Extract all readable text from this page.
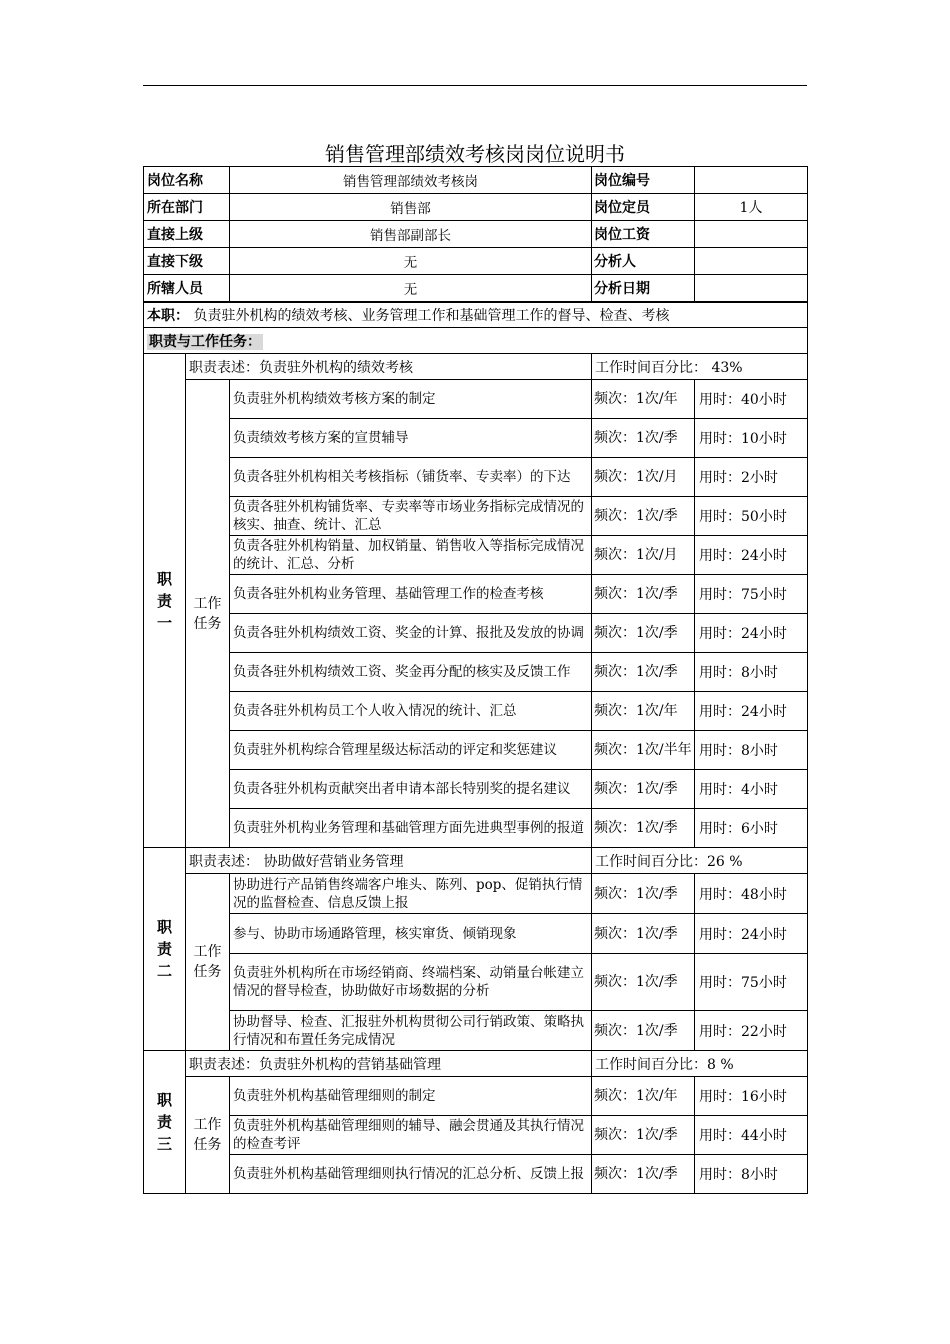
销售管理部绩效考核岗岗位说明书
岗位名称		销售管理部绩效考核岗	岗位编号	
所在部门		销售部	岗位定员	1人
直接上级		销售部副部长	岗位工资	
直接下级		无	分析人	
所辖人员		无	分析日期	
本职： 负责驻外机构的绩效考核、业务管理工作和基础管理工作的督导、检查、考核				
职责与工作任务：				
职
责
一	职责表述：负责驻外机构的绩效考核		工作时间百分比： 43%	
	工作
任务	负责驻外机构绩效考核方案的制定	频次：1次/年	用时：40小时
		负责绩效考核方案的宣贯辅导	频次：1次/季	用时：10小时
		负责各驻外机构相关考核指标（铺货率、专卖率）的下达	频次：1次/月	用时：2小时
		负责各驻外机构铺货率、专卖率等市场业务指标完成情况的核实、抽查、统计、汇总	频次：1次/季	用时：50小时
		负责各驻外机构销量、加权销量、销售收入等指标完成情况的统计、汇总、分析	频次：1次/月	用时：24小时
		负责各驻外机构业务管理、基础管理工作的检查考核	频次：1次/季	用时：75小时
		负责各驻外机构绩效工资、奖金的计算、报批及发放的协调	频次：1次/季	用时：24小时
		负责各驻外机构绩效工资、奖金再分配的核实及反馈工作	频次：1次/季	用时：8小时
		负责各驻外机构员工个人收入情况的统计、汇总	频次：1次/年	用时：24小时
		负责驻外机构综合管理星级达标活动的评定和奖惩建议	频次：1次/半年	用时：8小时
		负责各驻外机构贡献突出者申请本部长特别奖的提名建议	频次：1次/季	用时：4小时
		负责驻外机构业务管理和基础管理方面先进典型事例的报道	频次：1次/季	用时：6小时
职
责
二	职责表述： 协助做好营销业务管理		工作时间百分比：26 %	
	工作
任务	协助进行产品销售终端客户堆头、陈列、pop、促销执行情况的监督检查、信息反馈上报	频次：1次/季	用时：48小时
		参与、协助市场通路管理，核实窜货、倾销现象	频次：1次/季	用时：24小时
		负责驻外机构所在市场经销商、终端档案、动销量台帐建立情况的督导检查，协助做好市场数据的分析	频次：1次/季	用时：75小时
		协助督导、检查、汇报驻外机构贯彻公司行销政策、策略执行情况和布置任务完成情况	频次：1次/季	用时：22小时
职
责
三	职责表述：负责驻外机构的营销基础管理		工作时间百分比：8 %	
	工作
任务	负责驻外机构基础管理细则的制定	频次：1次/年	用时：16小时
		负责驻外机构基础管理细则的辅导、融会贯通及其执行情况的检查考评	频次：1次/季	用时：44小时
		负责驻外机构基础管理细则执行情况的汇总分析、反馈上报	频次：1次/季	用时：8小时
